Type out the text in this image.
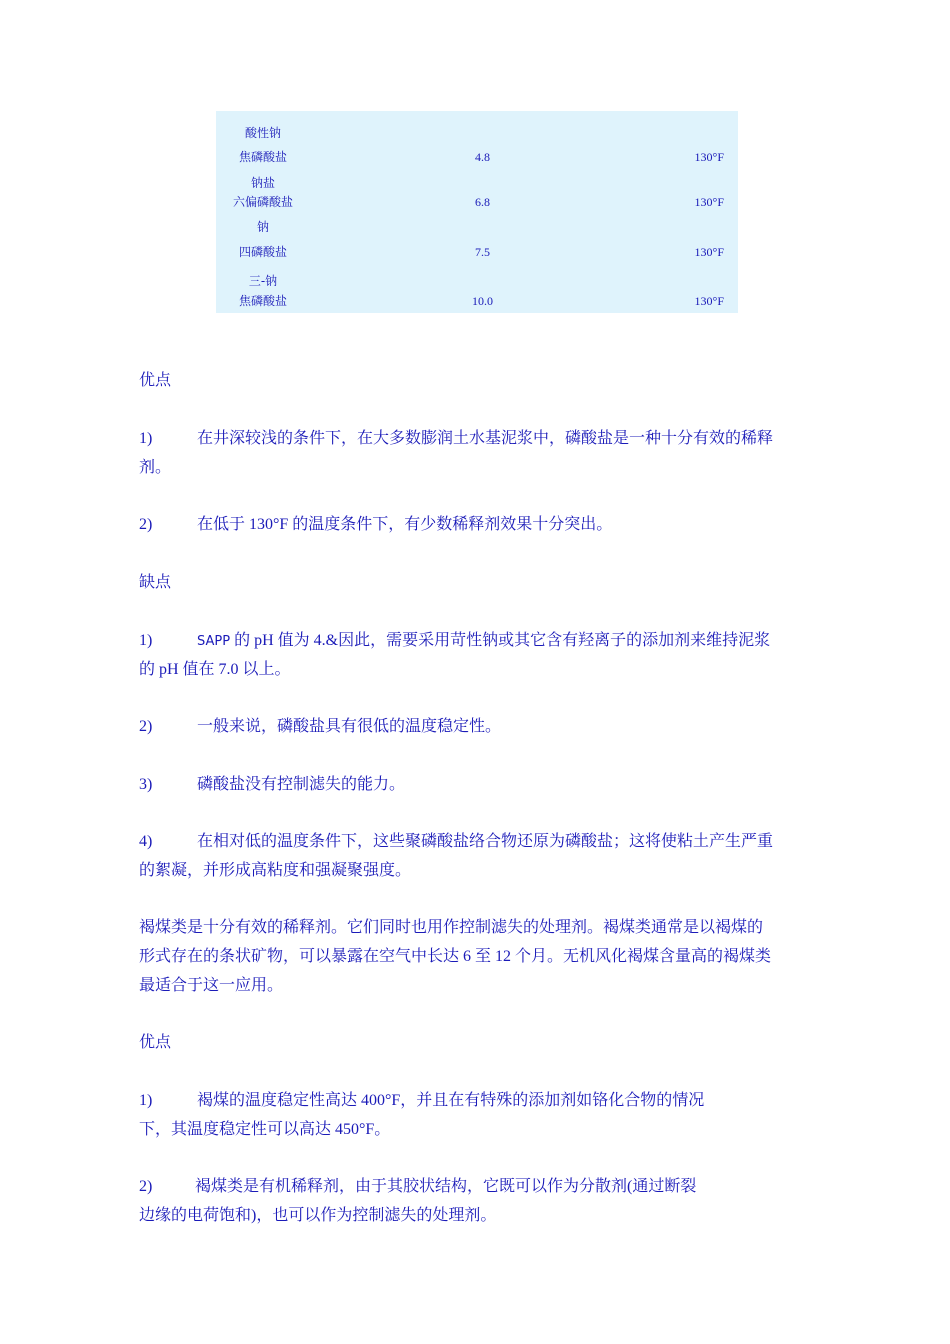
酸性钠
焦磷酸盐	4.8	130°F
钠盐
六偏磷酸盐	6.8	130°F
钠
四磷酸盐	7.5	130°F
三-钠
焦磷酸盐	10.0	130°F
优点
1)	在井深较浅的条件下，在大多数膨润土水基泥浆中，磷酸盐是一种十分有效的稀释
剂。
2)	在低于 130°F 的温度条件下，有少数稀释剂效果十分突出。
缺点
1)	SAPP 的 pH 值为 4.&因此，需要采用苛性钠或其它含有羟离子的添加剂来维持泥浆
的 pH 值在 7.0 以上。
2)	一般来说，磷酸盐具有很低的温度稳定性。
3)	磷酸盐没有控制滤失的能力。
4)	在相对低的温度条件下，这些聚磷酸盐络合物还原为磷酸盐；这将使粘土产生严重
的絮凝，并形成高粘度和强凝聚强度。
褐煤类是十分有效的稀释剂。它们同时也用作控制滤失的处理剂。褐煤类通常是以褐煤的
形式存在的条状矿物，可以暴露在空气中长达 6 至 12 个月。无机风化褐煤含量高的褐煤类
最适合于这一应用。
优点
1)	褐煤的温度稳定性高达 400°F，并且在有特殊的添加剂如铬化合物的情况
下，其温度稳定性可以高达 450°F。
2)	褐煤类是有机稀释剂，由于其胶状结构，它既可以作为分散剂(通过断裂
边缘的电荷饱和)，也可以作为控制滤失的处理剂。
